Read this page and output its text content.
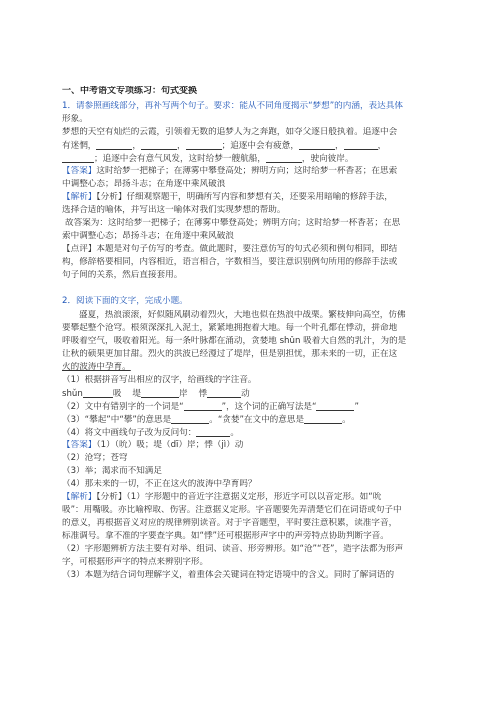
一、中考语文专项练习：句式变换
1．请参照画线部分，再补写两个句子。要求：能从不同角度揭示“梦想”的内涵，表达具体
形象。
梦想的天空有灿烂的云霞，引领着无数的追梦人为之奔跑，如夺父逐日般执着。追逐中会
有迷惘，	，	，	；追逐中会有疲惫，	，	，
；追逐中会有意气风发，这时给梦一艘航船，	，驶向彼岸。
【答案】这时给梦一把梯子；在薄雾中攀登高处；辨明方向；这时给梦一杯香茗；在思索
中调整心态；昂扬斗志；在角逐中乘风破浪
【解析】【分析】仔细观察题干，明确所写内容和梦想有关，还要采用暗喻的修辞手法，
选择合适的喻体，并写出这一喻体对我们实现梦想的帮助。
故答案为：这时给梦一把梯子；在薄雾中攀登高处；辨明方向；这时给梦一杯香茗；在思
索中调整心态；昂扬斗志；在角逐中乘风破浪
【点评】本题是对句子仿写的考查。做此题时，要注意仿写的句式必须和例句相同，即结
构，修辞格要相同，内容相近，语言相合，字数相当，要注意识别例句所用的修辞手法或
句子间的关系，然后直接套用。
2．阅读下面的文字，完成小题。
盛夏，热浪滚滚，好似随风刷动着烈火，大地也似在热浪中战栗。繁枝伸向高空，仿佛
要攀起整个沧穹。根须深深扎入泥土，紧紧地拥抱着大地。每一个叶孔都在悸动，拼命地
呼吸着空气，吸收着阳光。每一条叶脉都在涌动，贪婪地 shǔn 吸着大自然的乳汁，为的是
让秋的硕果更加甘甜。烈火的洪波已经漫过了堤岸，但是别担忧，那未来的一切，正在这
火的波涛中孕育。
（1）根据拼音写出相应的汉字，给画线的字注音。
shǔn	吸 堤	岸 悸	动
（2）文中有错别字的一个词是“	”，这个词的正确写法是“	”
（3）“攀起”中“攀”的意思是	。“贪婪”在文中的意思是	。
（4）将文中画线句子改为反问句：	。
【答案】（1）（吮）吸；堤（dī）岸；悸（jì）动
（2）沧穹；苍穹
（3）举；渴求而不知满足
（4）那未来的一切，不正在这火的波涛中孕育吗？
【解析】【分析】（1）字形题中的音近字注意据义定形，形近字可以以音定形。如“吮
吸”：用嘴吸。亦比喻榨取、伤害。注意据义定形。字音题要先弄清楚它们在词语或句子中
的意义，再根据音义对应的规律辨别读音。对于字音题型，平时要注意积累，读准字音，
标准调号。拿不准的字要查字典。如“悸”还可根据形声字中的声旁特点协助判断字音。
（2）字形题辨析方法主要有对举、组词、读音、形旁辨形。如“沧”“苍”，造字法都为形声
字，可根据形声字的特点来辨别字形。
（3）本题为结合词句理解字义，着重体会关键词在特定语境中的含义。同时了解词语的
